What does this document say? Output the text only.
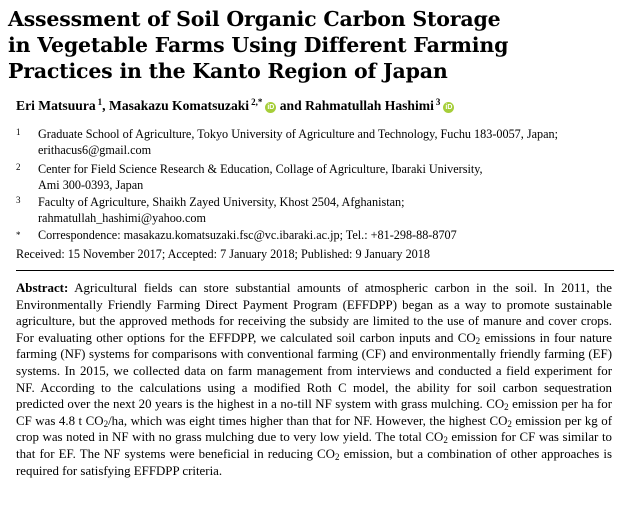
Assessment of Soil Organic Carbon Storage
in Vegetable Farms Using Different Farming
Practices in the Kanto Region of Japan
Eri Matsuura $^1$, Masakazu Komatsuzaki $^{2,*}$iD and Rahmatullah Hashimi $^3$iD
1 Graduate School of Agriculture, Tokyo University of Agriculture and Technology, Fuchu 183-0057, Japan;
erithacus6@gmail.com
2 Center for Field Science Research & Education, Collage of Agriculture, Ibaraki University,
Ami 300-0393, Japan
3 Faculty of Agriculture, Shaikh Zayed University, Khost 2504, Afghanistan;
rahmatullah_hashimi@yahoo.com
* Correspondence: masakazu.komatsuzaki.fsc@vc.ibaraki.ac.jp; Tel.: +81-298-88-8707
Received: 15 November 2017; Accepted: 7 January 2018; Published: 9 January 2018
Abstract: Agricultural fields can store substantial amounts of atmospheric carbon in the soil. In 2011, the Environmentally Friendly Farming Direct Payment Program (EFFDPP) began as a way to promote sustainable agriculture, but the approved methods for receiving the subsidy are limited to the use of manure and cover crops. For evaluating other options for the EFFDPP, we calculated soil carbon inputs and $CO_2$ emissions in four nature farming (NF) systems for comparisons with conventional farming (CF) and environmentally friendly farming (EF) systems. In 2015, we collected data on farm management from interviews and conducted a field experiment for NF. According to the calculations using a modified Roth C model, the ability for soil carbon sequestration predicted over the next 20 years is the highest in a no-till NF system with grass mulching. $CO_2$ emission per ha for CF was 4.8 t $CO_2/ha$, which was eight times higher than that for NF. However, the highest $CO_2$ emission per kg of crop was noted in NF with no grass mulching due to very low yield. The total $CO_2$ emission for CF was similar to that for EF. The NF systems were beneficial in reducing $CO_2$ emission, but a combination of other approaches is required for satisfying EFFDPP criteria.
